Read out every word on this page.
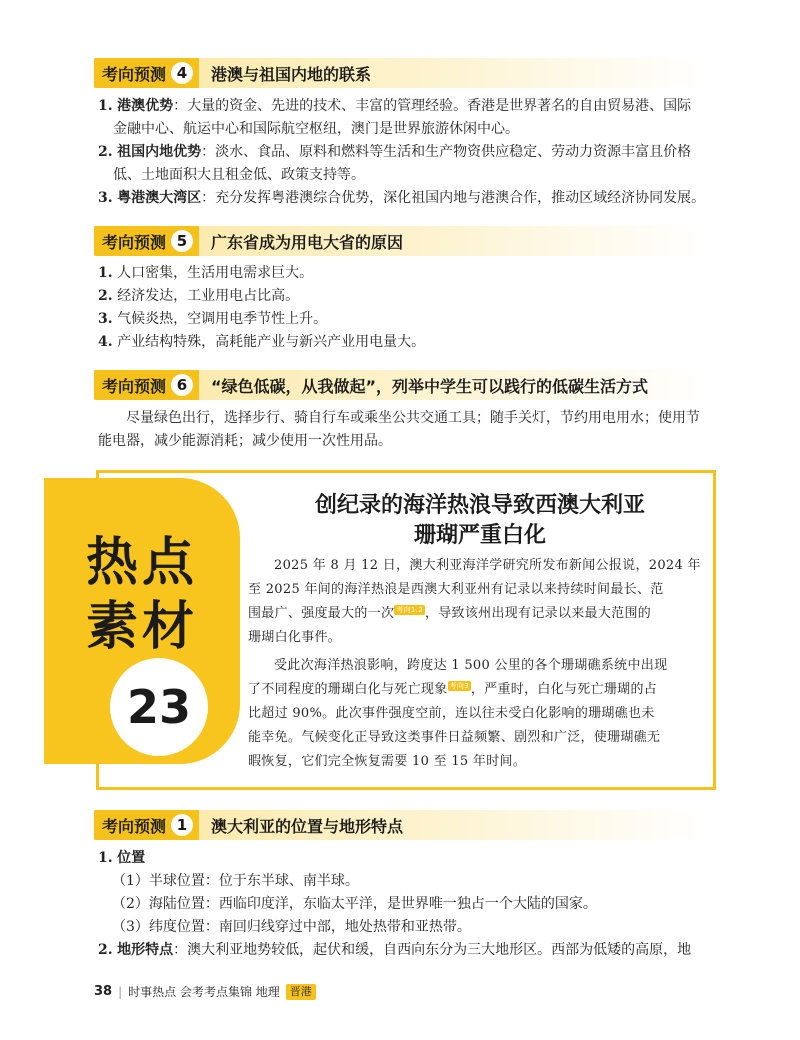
考向预测 4	港澳与祖国内地的联系
1. 港澳优势：大量的资金、先进的技术、丰富的管理经验。香港是世界著名的自由贸易港、国际
金融中心、航运中心和国际航空枢纽，澳门是世界旅游休闲中心。
2. 祖国内地优势：淡水、食品、原料和燃料等生活和生产物资供应稳定、劳动力资源丰富且价格
低、土地面积大且租金低、政策支持等。
3. 粤港澳大湾区：充分发挥粤港澳综合优势，深化祖国内地与港澳合作，推动区域经济协同发展。
考向预测 5	广东省成为用电大省的原因
1. 人口密集，生活用电需求巨大。
2. 经济发达，工业用电占比高。
3. 气候炎热，空调用电季节性上升。
4. 产业结构特殊，高耗能产业与新兴产业用电量大。
考向预测 6	“绿色低碳，从我做起”，列举中学生可以践行的低碳生活方式
尽量绿色出行，选择步行、骑自行车或乘坐公共交通工具；随手关灯，节约用电用水；使用节
能电器，减少能源消耗；减少使用一次性用品。
热点
素材
23
创纪录的海洋热浪导致西澳大利亚
珊瑚严重白化
2025 年 8 月 12 日，澳大利亚海洋学研究所发布新闻公报说，2024 年
至 2025 年间的海洋热浪是西澳大利亚州有记录以来持续时间最长、范
围最广、强度最大的一次 考向1.2 ，导致该州出现有记录以来最大范围的
珊瑚白化事件。
受此次海洋热浪影响，跨度达 1 500 公里的各个珊瑚礁系统中出现
了不同程度的珊瑚白化与死亡现象 考向3 ，严重时，白化与死亡珊瑚的占
比超过 90%。此次事件强度空前，连以往未受白化影响的珊瑚礁也未
能幸免。气候变化正导致这类事件日益频繁、剧烈和广泛，使珊瑚礁无
暇恢复，它们完全恢复需要 10 至 15 年时间。
考向预测 1	澳大利亚的位置与地形特点
1. 位置
（1）半球位置：位于东半球、南半球。
（2）海陆位置：西临印度洋，东临太平洋，是世界唯一独占一个大陆的国家。
（3）纬度位置：南回归线穿过中部，地处热带和亚热带。
2. 地形特点：澳大利亚地势较低，起伏和缓，自西向东分为三大地形区。西部为低矮的高原，地
38 | 时事热点 会考考点集锦 地理 晋港
